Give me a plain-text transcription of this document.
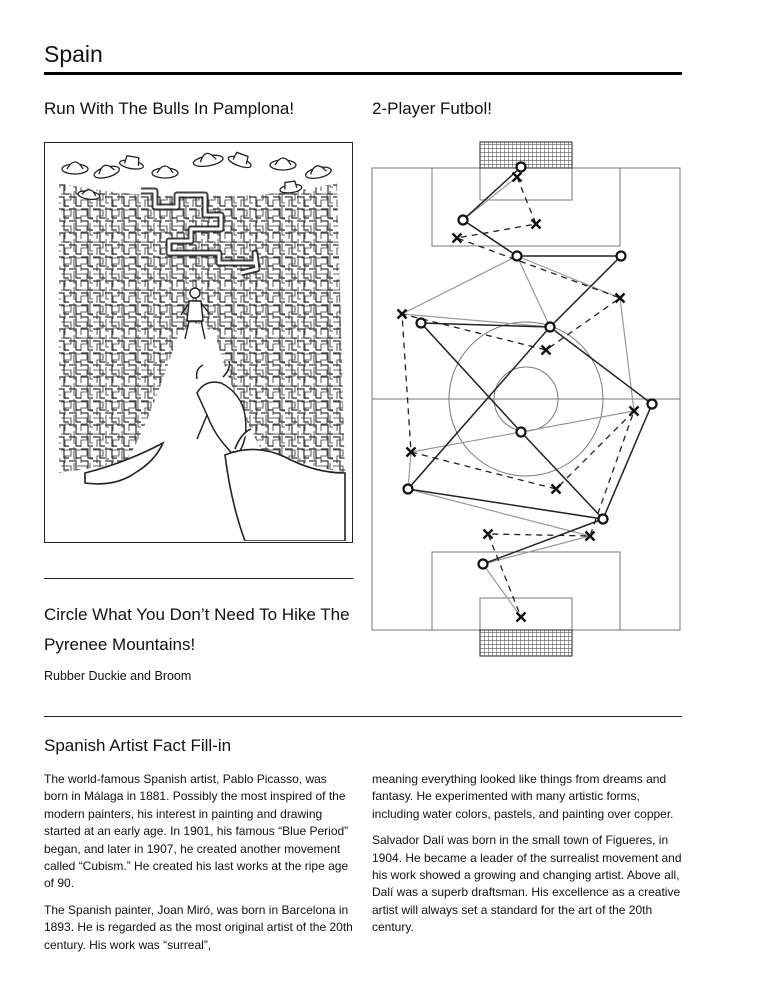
Spain
Run With The Bulls In Pamplona!	2-Player Futbol!
Circle What You Don’t Need To Hike The Pyrenee Mountains!
Rubber Duckie and Broom
Spanish Artist Fact Fill-in

The world-famous Spanish artist, Pablo Picasso, was born in Málaga in 1881. Possibly the most inspired of the modern painters, his interest in painting and drawing started at an early age. In 1901, his famous “Blue Period” began, and later in 1907, he created another movement called “Cubism.” He created his last works at the ripe age of 90.

The Spanish painter, Joan Miró, was born in Barcelona in 1893. He is regarded as the most original artist of the 20th century. His work was “surreal”,

meaning everything looked like things from dreams and fantasy. He experimented with many artistic forms, including water colors, pastels, and painting over copper.

Salvador Dalí was born in the small town of Figueres, in 1904. He became a leader of the surrealist movement and his work showed a growing and changing artist. Above all, Dalí was a superb draftsman. His excellence as a creative artist will always set a standard for the art of the 20th century.
